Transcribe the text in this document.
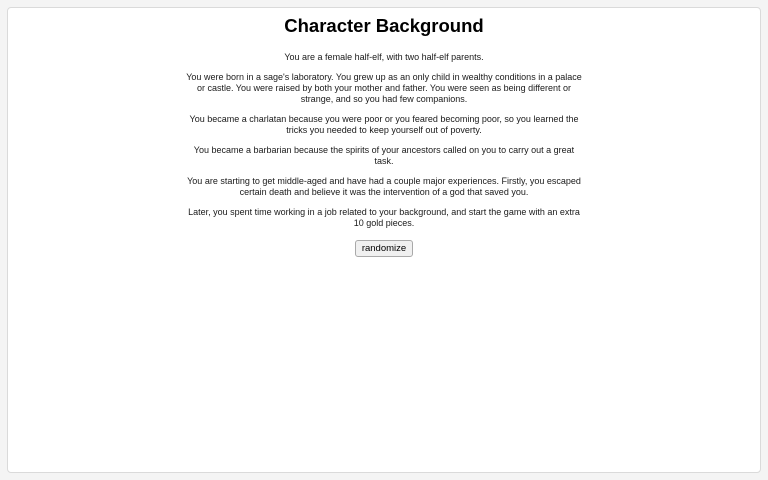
Character Background

You are a female half-elf, with two half-elf parents.

You were born in a sage's laboratory. You grew up as an only child in wealthy conditions in a palace or castle. You were raised by both your mother and father. You were seen as being different or strange, and so you had few companions.

You became a charlatan because you were poor or you feared becoming poor, so you learned the tricks you needed to keep yourself out of poverty.

You became a barbarian because the spirits of your ancestors called on you to carry out a great task.

You are starting to get middle-aged and have had a couple major experiences. Firstly, you escaped certain death and believe it was the intervention of a god that saved you.

Later, you spent time working in a job related to your background, and start the game with an extra 10 gold pieces.

randomize
